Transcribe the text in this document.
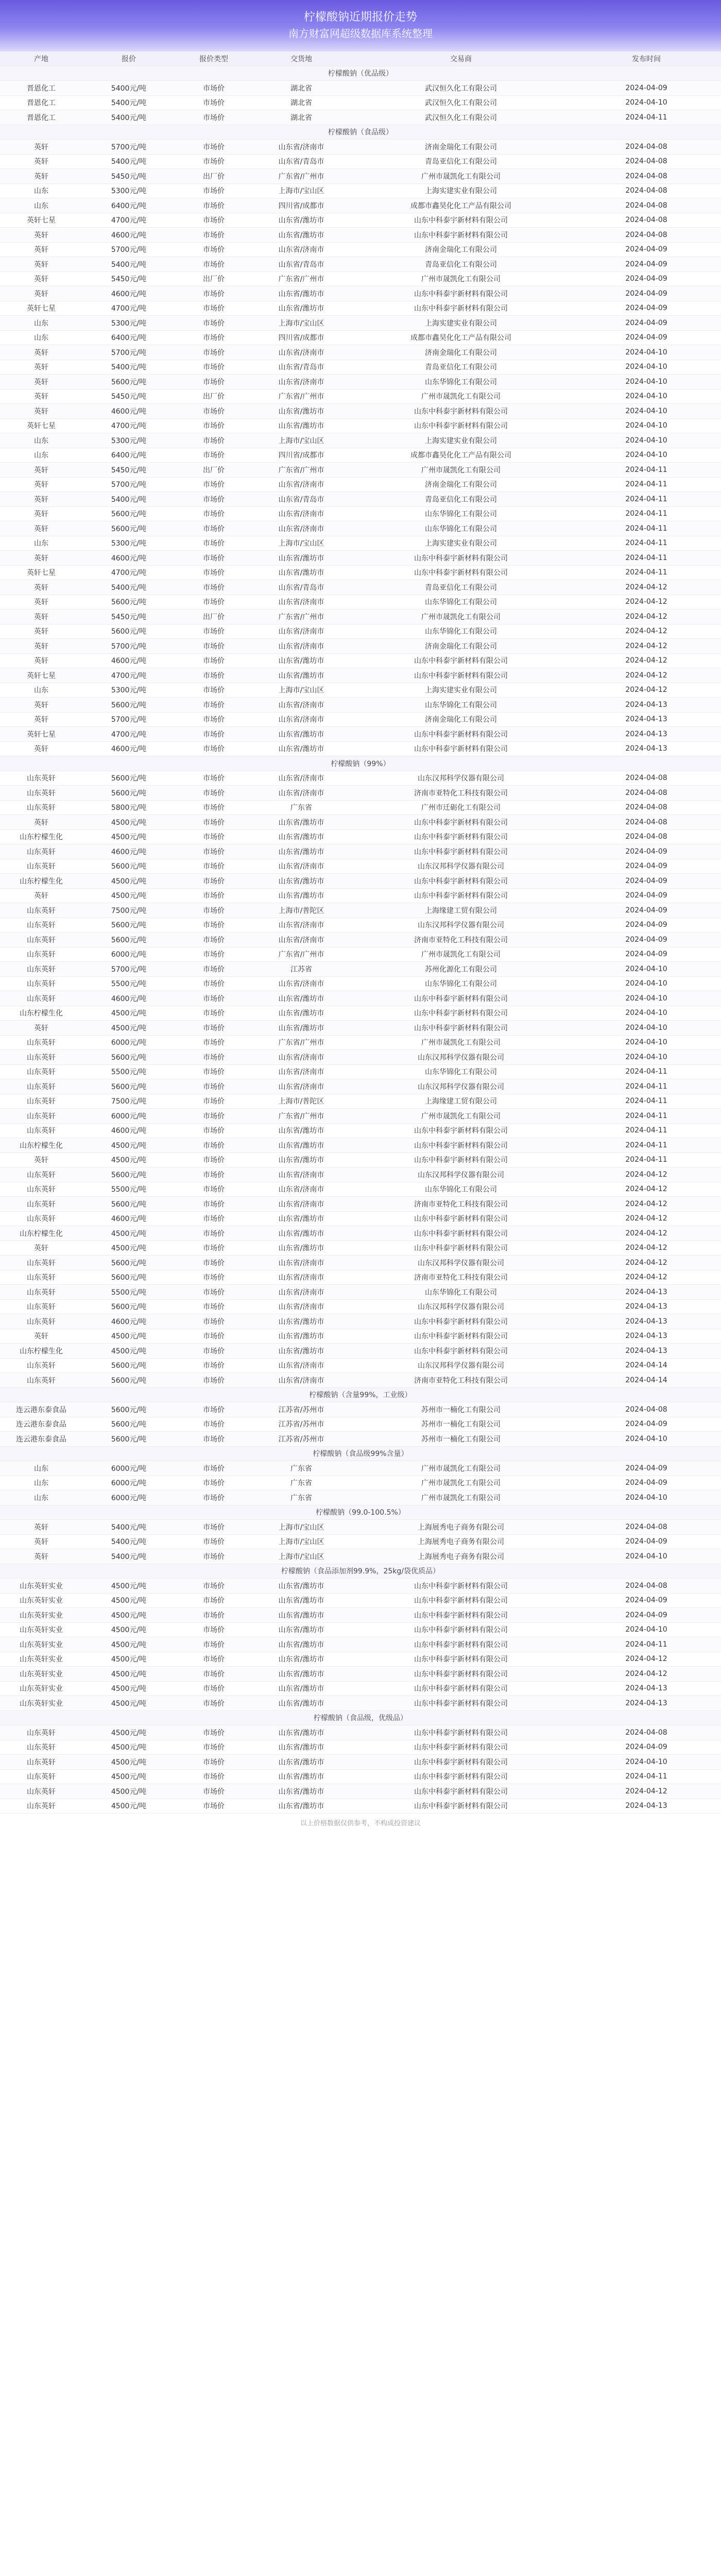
柠檬酸钠近期报价走势
南方财富网超级数据库系统整理
产地	报价	报价类型	交货地	交易商	发布时间
柠檬酸钠（优品级）					
晋恩化工	5400元/吨	市场价	湖北省	武汉恒久化工有限公司	2024-04-09
晋恩化工	5400元/吨	市场价	湖北省	武汉恒久化工有限公司	2024-04-10
晋恩化工	5400元/吨	市场价	湖北省	武汉恒久化工有限公司	2024-04-11
柠檬酸钠（食品级）					
英轩	5700元/吨	市场价	山东省/济南市	济南金瑞化工有限公司	2024-04-08
英轩	5400元/吨	市场价	山东省/青岛市	青岛亚信化工有限公司	2024-04-08
英轩	5450元/吨	出厂价	广东省/广州市	广州市晟凯化工有限公司	2024-04-08
山东	5300元/吨	市场价	上海市/宝山区	上海实建实业有限公司	2024-04-08
山东	6400元/吨	市场价	四川省/成都市	成都市鑫昊化化工产品有限公司	2024-04-08
英轩七星	4700元/吨	市场价	山东省/潍坊市	山东中科泰宇新材料有限公司	2024-04-08
英轩	4600元/吨	市场价	山东省/潍坊市	山东中科泰宇新材料有限公司	2024-04-08
英轩	5700元/吨	市场价	山东省/济南市	济南金瑞化工有限公司	2024-04-09
英轩	5400元/吨	市场价	山东省/青岛市	青岛亚信化工有限公司	2024-04-09
英轩	5450元/吨	出厂价	广东省/广州市	广州市晟凯化工有限公司	2024-04-09
英轩	4600元/吨	市场价	山东省/潍坊市	山东中科泰宇新材料有限公司	2024-04-09
英轩七星	4700元/吨	市场价	山东省/潍坊市	山东中科泰宇新材料有限公司	2024-04-09
山东	5300元/吨	市场价	上海市/宝山区	上海实建实业有限公司	2024-04-09
山东	6400元/吨	市场价	四川省/成都市	成都市鑫昊化化工产品有限公司	2024-04-09
英轩	5700元/吨	市场价	山东省/济南市	济南金瑞化工有限公司	2024-04-10
英轩	5400元/吨	市场价	山东省/青岛市	青岛亚信化工有限公司	2024-04-10
英轩	5600元/吨	市场价	山东省/济南市	山东华锦化工有限公司	2024-04-10
英轩	5450元/吨	出厂价	广东省/广州市	广州市晟凯化工有限公司	2024-04-10
英轩	4600元/吨	市场价	山东省/潍坊市	山东中科泰宇新材料有限公司	2024-04-10
英轩七星	4700元/吨	市场价	山东省/潍坊市	山东中科泰宇新材料有限公司	2024-04-10
山东	5300元/吨	市场价	上海市/宝山区	上海实建实业有限公司	2024-04-10
山东	6400元/吨	市场价	四川省/成都市	成都市鑫昊化化工产品有限公司	2024-04-10
英轩	5450元/吨	出厂价	广东省/广州市	广州市晟凯化工有限公司	2024-04-11
英轩	5700元/吨	市场价	山东省/济南市	济南金瑞化工有限公司	2024-04-11
英轩	5400元/吨	市场价	山东省/青岛市	青岛亚信化工有限公司	2024-04-11
英轩	5600元/吨	市场价	山东省/济南市	山东华锦化工有限公司	2024-04-11
英轩	5600元/吨	市场价	山东省/济南市	山东华锦化工有限公司	2024-04-11
山东	5300元/吨	市场价	上海市/宝山区	上海实建实业有限公司	2024-04-11
英轩	4600元/吨	市场价	山东省/潍坊市	山东中科泰宇新材料有限公司	2024-04-11
英轩七星	4700元/吨	市场价	山东省/潍坊市	山东中科泰宇新材料有限公司	2024-04-11
英轩	5400元/吨	市场价	山东省/青岛市	青岛亚信化工有限公司	2024-04-12
英轩	5600元/吨	市场价	山东省/济南市	山东华锦化工有限公司	2024-04-12
英轩	5450元/吨	出厂价	广东省/广州市	广州市晟凯化工有限公司	2024-04-12
英轩	5600元/吨	市场价	山东省/济南市	山东华锦化工有限公司	2024-04-12
英轩	5700元/吨	市场价	山东省/济南市	济南金瑞化工有限公司	2024-04-12
英轩	4600元/吨	市场价	山东省/潍坊市	山东中科泰宇新材料有限公司	2024-04-12
英轩七星	4700元/吨	市场价	山东省/潍坊市	山东中科泰宇新材料有限公司	2024-04-12
山东	5300元/吨	市场价	上海市/宝山区	上海实建实业有限公司	2024-04-12
英轩	5600元/吨	市场价	山东省/济南市	山东华锦化工有限公司	2024-04-13
英轩	5700元/吨	市场价	山东省/济南市	济南金瑞化工有限公司	2024-04-13
英轩七星	4700元/吨	市场价	山东省/潍坊市	山东中科泰宇新材料有限公司	2024-04-13
英轩	4600元/吨	市场价	山东省/潍坊市	山东中科泰宇新材料有限公司	2024-04-13
柠檬酸钠（99%）					
山东英轩	5600元/吨	市场价	山东省/济南市	山东汉邦科学仪器有限公司	2024-04-08
山东英轩	5600元/吨	市场价	山东省/济南市	济南市亚特化工科技有限公司	2024-04-08
山东英轩	5800元/吨	市场价	广东省	广州市迁砺化工有限公司	2024-04-08
英轩	4500元/吨	市场价	山东省/潍坊市	山东中科泰宇新材料有限公司	2024-04-08
山东柠檬生化	4500元/吨	市场价	山东省/潍坊市	山东中科泰宇新材料有限公司	2024-04-08
山东英轩	4600元/吨	市场价	山东省/潍坊市	山东中科泰宇新材料有限公司	2024-04-09
山东英轩	5600元/吨	市场价	山东省/济南市	山东汉邦科学仪器有限公司	2024-04-09
山东柠檬生化	4500元/吨	市场价	山东省/潍坊市	山东中科泰宇新材料有限公司	2024-04-09
英轩	4500元/吨	市场价	山东省/潍坊市	山东中科泰宇新材料有限公司	2024-04-09
山东英轩	7500元/吨	市场价	上海市/普陀区	上海缘建工贸有限公司	2024-04-09
山东英轩	5600元/吨	市场价	山东省/济南市	山东汉邦科学仪器有限公司	2024-04-09
山东英轩	5600元/吨	市场价	山东省/济南市	济南市亚特化工科技有限公司	2024-04-09
山东英轩	6000元/吨	市场价	广东省/广州市	广州市晟凯化工有限公司	2024-04-09
山东英轩	5700元/吨	市场价	江苏省	苏州化源化工有限公司	2024-04-10
山东英轩	5500元/吨	市场价	山东省/济南市	山东华锦化工有限公司	2024-04-10
山东英轩	4600元/吨	市场价	山东省/潍坊市	山东中科泰宇新材料有限公司	2024-04-10
山东柠檬生化	4500元/吨	市场价	山东省/潍坊市	山东中科泰宇新材料有限公司	2024-04-10
英轩	4500元/吨	市场价	山东省/潍坊市	山东中科泰宇新材料有限公司	2024-04-10
山东英轩	6000元/吨	市场价	广东省/广州市	广州市晟凯化工有限公司	2024-04-10
山东英轩	5600元/吨	市场价	山东省/济南市	山东汉邦科学仪器有限公司	2024-04-10
山东英轩	5500元/吨	市场价	山东省/济南市	山东华锦化工有限公司	2024-04-11
山东英轩	5600元/吨	市场价	山东省/济南市	山东汉邦科学仪器有限公司	2024-04-11
山东英轩	7500元/吨	市场价	上海市/普陀区	上海缘建工贸有限公司	2024-04-11
山东英轩	6000元/吨	市场价	广东省/广州市	广州市晟凯化工有限公司	2024-04-11
山东英轩	4600元/吨	市场价	山东省/潍坊市	山东中科泰宇新材料有限公司	2024-04-11
山东柠檬生化	4500元/吨	市场价	山东省/潍坊市	山东中科泰宇新材料有限公司	2024-04-11
英轩	4500元/吨	市场价	山东省/潍坊市	山东中科泰宇新材料有限公司	2024-04-11
山东英轩	5600元/吨	市场价	山东省/济南市	山东汉邦科学仪器有限公司	2024-04-12
山东英轩	5500元/吨	市场价	山东省/济南市	山东华锦化工有限公司	2024-04-12
山东英轩	5600元/吨	市场价	山东省/济南市	济南市亚特化工科技有限公司	2024-04-12
山东英轩	4600元/吨	市场价	山东省/潍坊市	山东中科泰宇新材料有限公司	2024-04-12
山东柠檬生化	4500元/吨	市场价	山东省/潍坊市	山东中科泰宇新材料有限公司	2024-04-12
英轩	4500元/吨	市场价	山东省/潍坊市	山东中科泰宇新材料有限公司	2024-04-12
山东英轩	5600元/吨	市场价	山东省/济南市	山东汉邦科学仪器有限公司	2024-04-12
山东英轩	5600元/吨	市场价	山东省/济南市	济南市亚特化工科技有限公司	2024-04-12
山东英轩	5500元/吨	市场价	山东省/济南市	山东华锦化工有限公司	2024-04-13
山东英轩	5600元/吨	市场价	山东省/济南市	山东汉邦科学仪器有限公司	2024-04-13
山东英轩	4600元/吨	市场价	山东省/潍坊市	山东中科泰宇新材料有限公司	2024-04-13
英轩	4500元/吨	市场价	山东省/潍坊市	山东中科泰宇新材料有限公司	2024-04-13
山东柠檬生化	4500元/吨	市场价	山东省/潍坊市	山东中科泰宇新材料有限公司	2024-04-13
山东英轩	5600元/吨	市场价	山东省/济南市	山东汉邦科学仪器有限公司	2024-04-14
山东英轩	5600元/吨	市场价	山东省/济南市	济南市亚特化工科技有限公司	2024-04-14
柠檬酸钠（含量99%，工业级）					
连云港东泰食品	5600元/吨	市场价	江苏省/苏州市	苏州市一楠化工有限公司	2024-04-08
连云港东泰食品	5600元/吨	市场价	江苏省/苏州市	苏州市一楠化工有限公司	2024-04-09
连云港东泰食品	5600元/吨	市场价	江苏省/苏州市	苏州市一楠化工有限公司	2024-04-10
柠檬酸钠（食品级99%含量）					
山东	6000元/吨	市场价	广东省	广州市晟凯化工有限公司	2024-04-09
山东	6000元/吨	市场价	广东省	广州市晟凯化工有限公司	2024-04-09
山东	6000元/吨	市场价	广东省	广州市晟凯化工有限公司	2024-04-10
柠檬酸钠（99.0-100.5%）					
英轩	5400元/吨	市场价	上海市/宝山区	上海展秀电子商务有限公司	2024-04-08
英轩	5400元/吨	市场价	上海市/宝山区	上海展秀电子商务有限公司	2024-04-09
英轩	5400元/吨	市场价	上海市/宝山区	上海展秀电子商务有限公司	2024-04-10
柠檬酸钠（食品添加剂99.9%，25kg/袋优质品）					
山东英轩实业	4500元/吨	市场价	山东省/潍坊市	山东中科泰宇新材料有限公司	2024-04-08
山东英轩实业	4500元/吨	市场价	山东省/潍坊市	山东中科泰宇新材料有限公司	2024-04-09
山东英轩实业	4500元/吨	市场价	山东省/潍坊市	山东中科泰宇新材料有限公司	2024-04-09
山东英轩实业	4500元/吨	市场价	山东省/潍坊市	山东中科泰宇新材料有限公司	2024-04-10
山东英轩实业	4500元/吨	市场价	山东省/潍坊市	山东中科泰宇新材料有限公司	2024-04-11
山东英轩实业	4500元/吨	市场价	山东省/潍坊市	山东中科泰宇新材料有限公司	2024-04-12
山东英轩实业	4500元/吨	市场价	山东省/潍坊市	山东中科泰宇新材料有限公司	2024-04-12
山东英轩实业	4500元/吨	市场价	山东省/潍坊市	山东中科泰宇新材料有限公司	2024-04-13
山东英轩实业	4500元/吨	市场价	山东省/潍坊市	山东中科泰宇新材料有限公司	2024-04-13
柠檬酸钠（食品级，优级品）					
山东英轩	4500元/吨	市场价	山东省/潍坊市	山东中科泰宇新材料有限公司	2024-04-08
山东英轩	4500元/吨	市场价	山东省/潍坊市	山东中科泰宇新材料有限公司	2024-04-09
山东英轩	4500元/吨	市场价	山东省/潍坊市	山东中科泰宇新材料有限公司	2024-04-10
山东英轩	4500元/吨	市场价	山东省/潍坊市	山东中科泰宇新材料有限公司	2024-04-11
山东英轩	4500元/吨	市场价	山东省/潍坊市	山东中科泰宇新材料有限公司	2024-04-12
山东英轩	4500元/吨	市场价	山东省/潍坊市	山东中科泰宇新材料有限公司	2024-04-13
以上价格数据仅供参考，不构成投资建议
